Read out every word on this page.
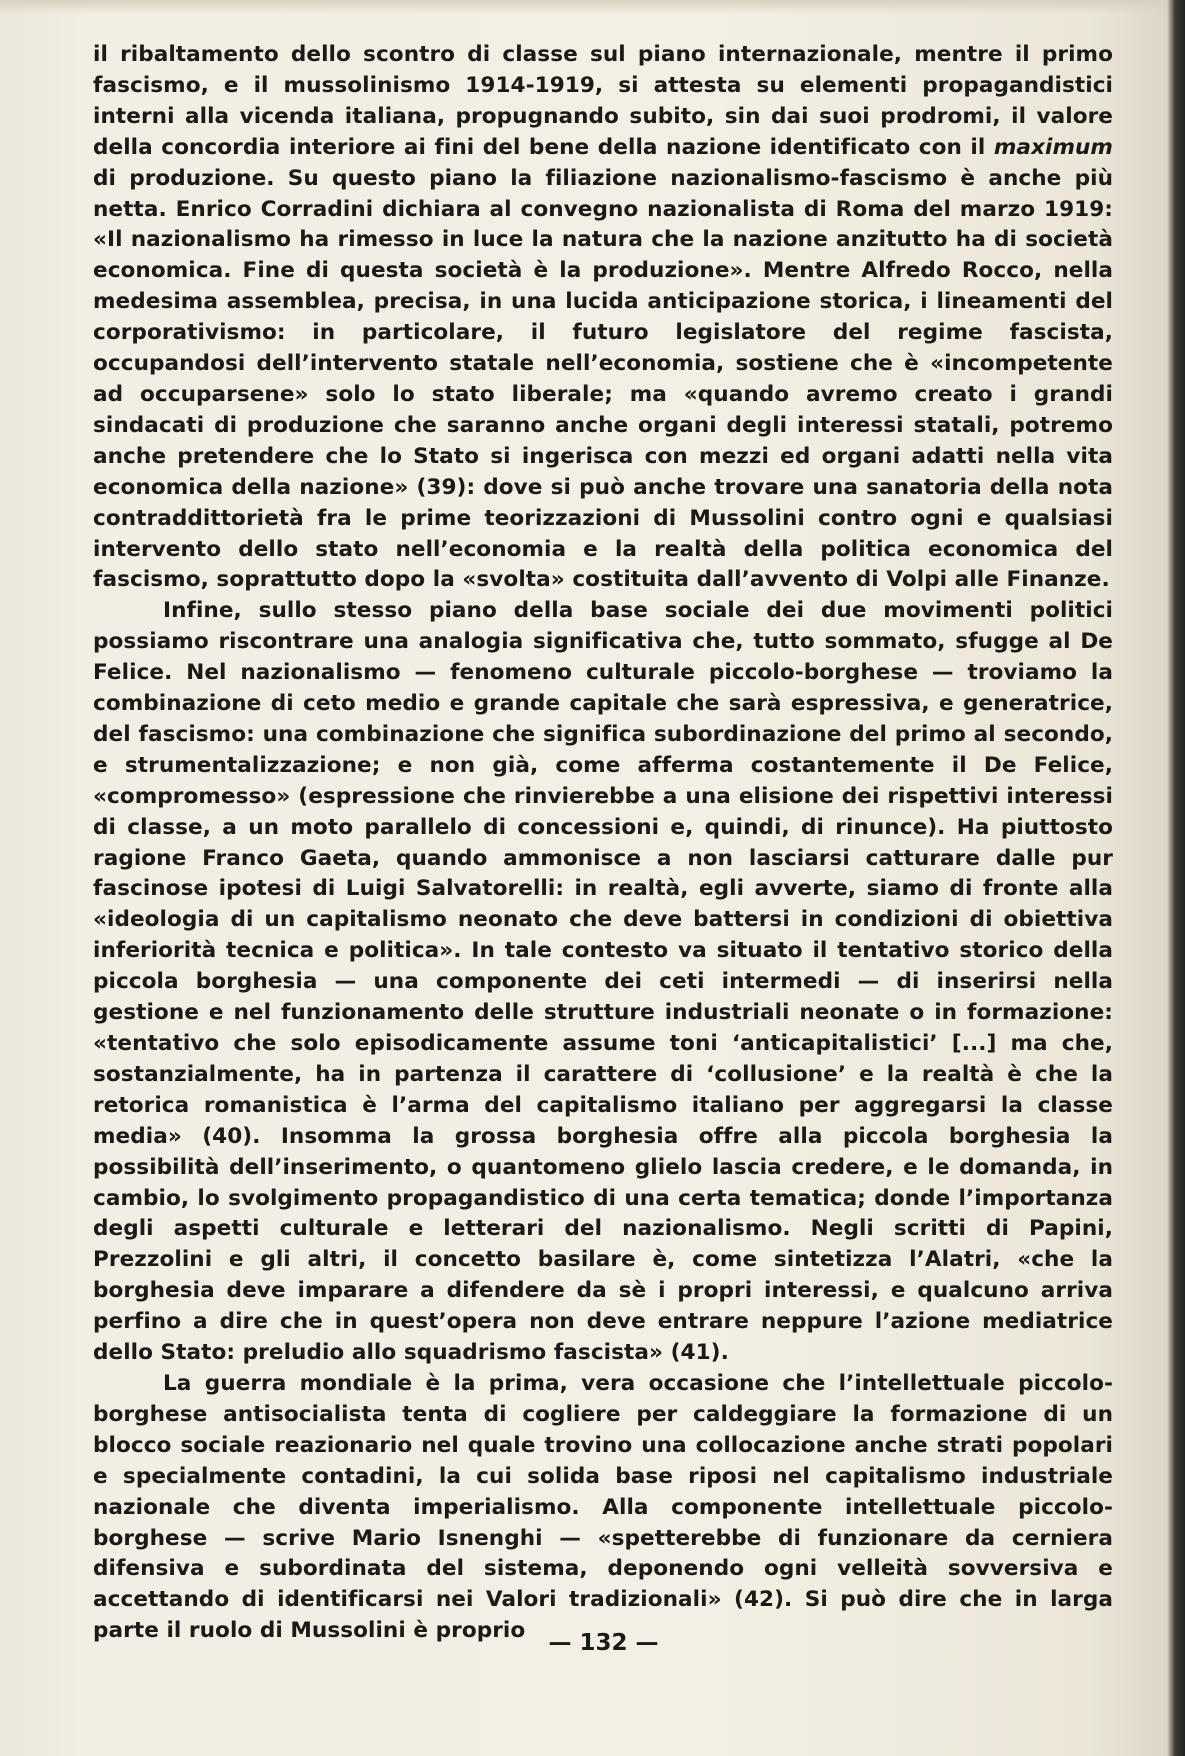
il ribaltamento dello scontro di classe sul piano internazionale, mentre il primo fascismo, e il mussolinismo 1914-1919, si attesta su elementi propagandistici interni alla vicenda italiana, propugnando subito, sin dai suoi prodromi, il valore della concordia interiore ai fini del bene della nazione identificato con il maximum di produzione. Su questo piano la filiazione nazionalismo-fascismo è anche più netta. Enrico Corradini dichiara al convegno nazionalista di Roma del marzo 1919: «Il nazionalismo ha rimesso in luce la natura che la nazione anzitutto ha di società economica. Fine di questa società è la produzione». Mentre Alfredo Rocco, nella medesima assemblea, precisa, in una lucida anticipazione storica, i lineamenti del corporativismo: in particolare, il futuro legislatore del regime fascista, occupandosi dell’intervento statale nell’economia, sostiene che è «incompetente ad occuparsene» solo lo stato liberale; ma «quando avremo creato i grandi sindacati di produzione che saranno anche organi degli interessi statali, potremo anche pretendere che lo Stato si ingerisca con mezzi ed organi adatti nella vita economica della nazione» (39): dove si può anche trovare una sanatoria della nota contraddittorietà fra le prime teorizzazioni di Mussolini contro ogni e qualsiasi intervento dello stato nell’economia e la realtà della politica economica del fascismo, soprattutto dopo la «svolta» costituita dall’avvento di Volpi alle Finanze.

Infine, sullo stesso piano della base sociale dei due movimenti politici possiamo riscontrare una analogia significativa che, tutto sommato, sfugge al De Felice. Nel nazionalismo — fenomeno culturale piccolo-borghese — troviamo la combinazione di ceto medio e grande capitale che sarà espressiva, e generatrice, del fascismo: una combinazione che significa subordinazione del primo al secondo, e strumentalizzazione; e non già, come afferma costantemente il De Felice, «compromesso» (espressione che rinvierebbe a una elisione dei rispettivi interessi di classe, a un moto parallelo di concessioni e, quindi, di rinunce). Ha piuttosto ragione Franco Gaeta, quando ammonisce a non lasciarsi catturare dalle pur fascinose ipotesi di Luigi Salvatorelli: in realtà, egli avverte, siamo di fronte alla «ideologia di un capitalismo neonato che deve battersi in condizioni di obiettiva inferiorità tecnica e politica». In tale contesto va situato il tentativo storico della piccola borghesia — una componente dei ceti intermedi — di inserirsi nella gestione e nel funzionamento delle strutture industriali neonate o in formazione: «tentativo che solo episodicamente assume toni ‘anticapitalistici’ [...] ma che, sostanzialmente, ha in partenza il carattere di ‘collusione’ e la realtà è che la retorica romanistica è l’arma del capitalismo italiano per aggregarsi la classe media» (40). Insomma la grossa borghesia offre alla piccola borghesia la possibilità dell’inserimento, o quantomeno glielo lascia credere, e le domanda, in cambio, lo svolgimento propagandistico di una certa tematica; donde l’importanza degli aspetti culturale e letterari del nazionalismo. Negli scritti di Papini, Prezzolini e gli altri, il concetto basilare è, come sintetizza l’Alatri, «che la borghesia deve imparare a difendere da sè i propri interessi, e qualcuno arriva perfino a dire che in quest’opera non deve entrare neppure l’azione mediatrice dello Stato: preludio allo squadrismo fascista» (41).

La guerra mondiale è la prima, vera occasione che l’intellettuale piccolo-borghese antisocialista tenta di cogliere per caldeggiare la formazione di un blocco sociale reazionario nel quale trovino una collocazione anche strati popolari e specialmente contadini, la cui solida base riposi nel capitalismo industriale nazionale che diventa imperialismo. Alla componente intellettuale piccolo-borghese — scrive Mario Isnenghi — «spetterebbe di funzionare da cerniera difensiva e subordinata del sistema, deponendo ogni velleità sovversiva e accettando di identificarsi nei Valori tradizionali» (42). Si può dire che in larga parte il ruolo di Mussolini è proprio	— 132 —
